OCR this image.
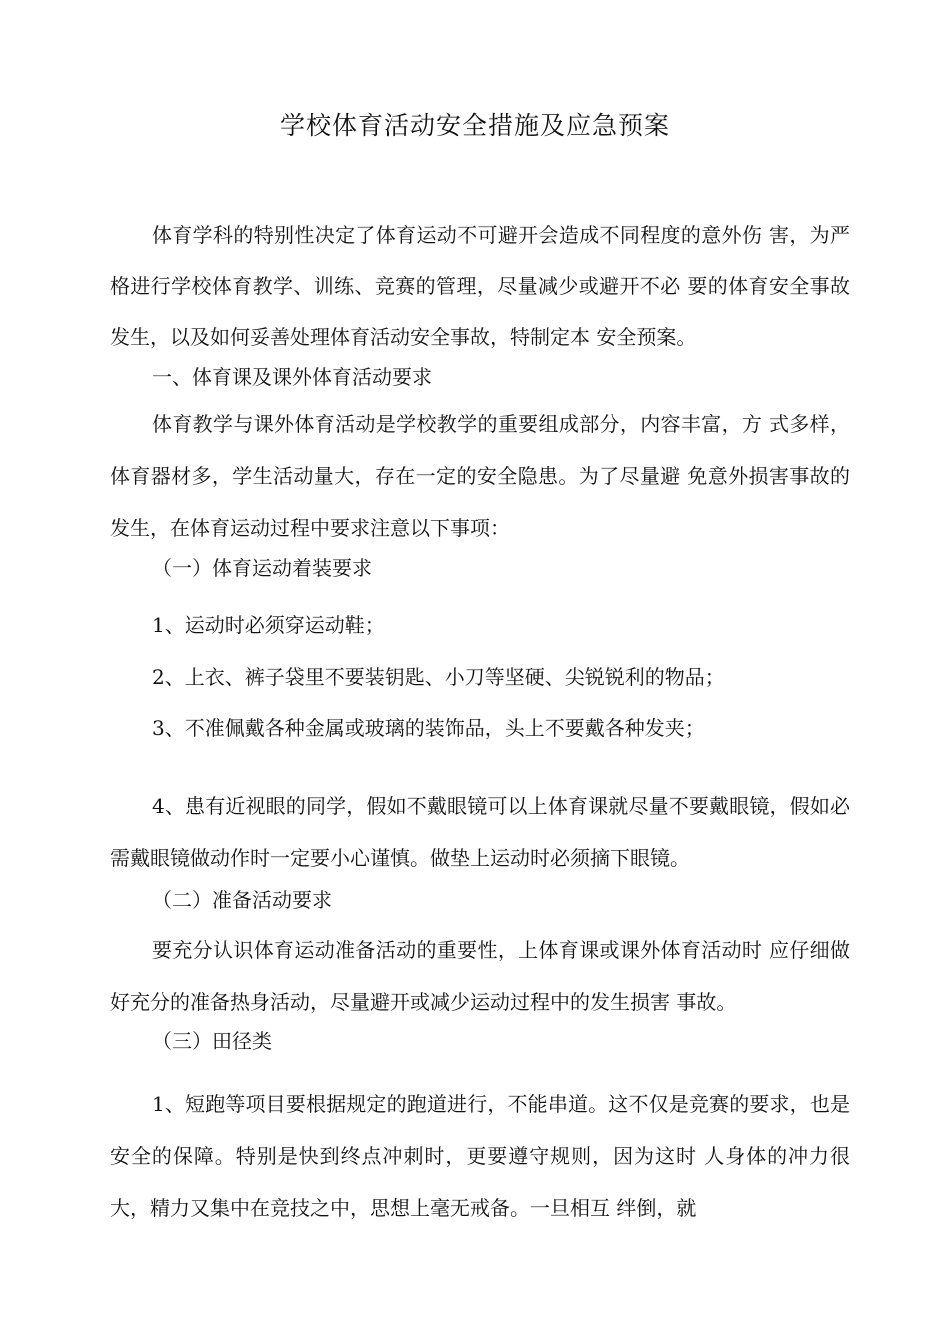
学校体育活动安全措施及应急预案
体育学科的特别性决定了体育运动不可避开会造成不同程度的意外伤 害，为严格进行学校体育教学、训练、竞赛的管理，尽量减少或避开不必 要的体育安全事故发生，以及如何妥善处理体育活动安全事故，特制定本 安全预案。
一、体育课及课外体育活动要求
体育教学与课外体育活动是学校教学的重要组成部分，内容丰富，方 式多样，体育器材多，学生活动量大，存在一定的安全隐患。为了尽量避 免意外损害事故的发生，在体育运动过程中要求注意以下事项：
（一）体育运动着装要求
1、运动时必须穿运动鞋；
2、上衣、裤子袋里不要装钥匙、小刀等坚硬、尖锐锐利的物品；
3、不准佩戴各种金属或玻璃的装饰品，头上不要戴各种发夹；
4、患有近视眼的同学，假如不戴眼镜可以上体育课就尽量不要戴眼镜，假如必需戴眼镜做动作时一定要小心谨慎。做垫上运动时必须摘下眼镜。
（二）准备活动要求
要充分认识体育运动准备活动的重要性，上体育课或课外体育活动时 应仔细做好充分的准备热身活动，尽量避开或减少运动过程中的发生损害 事故。
（三）田径类
1、短跑等项目要根据规定的跑道进行，不能串道。这不仅是竞赛的要求，也是安全的保障。特别是快到终点冲刺时，更要遵守规则，因为这时 人身体的冲力很大，精力又集中在竞技之中，思想上毫无戒备。一旦相互 绊倒，就
